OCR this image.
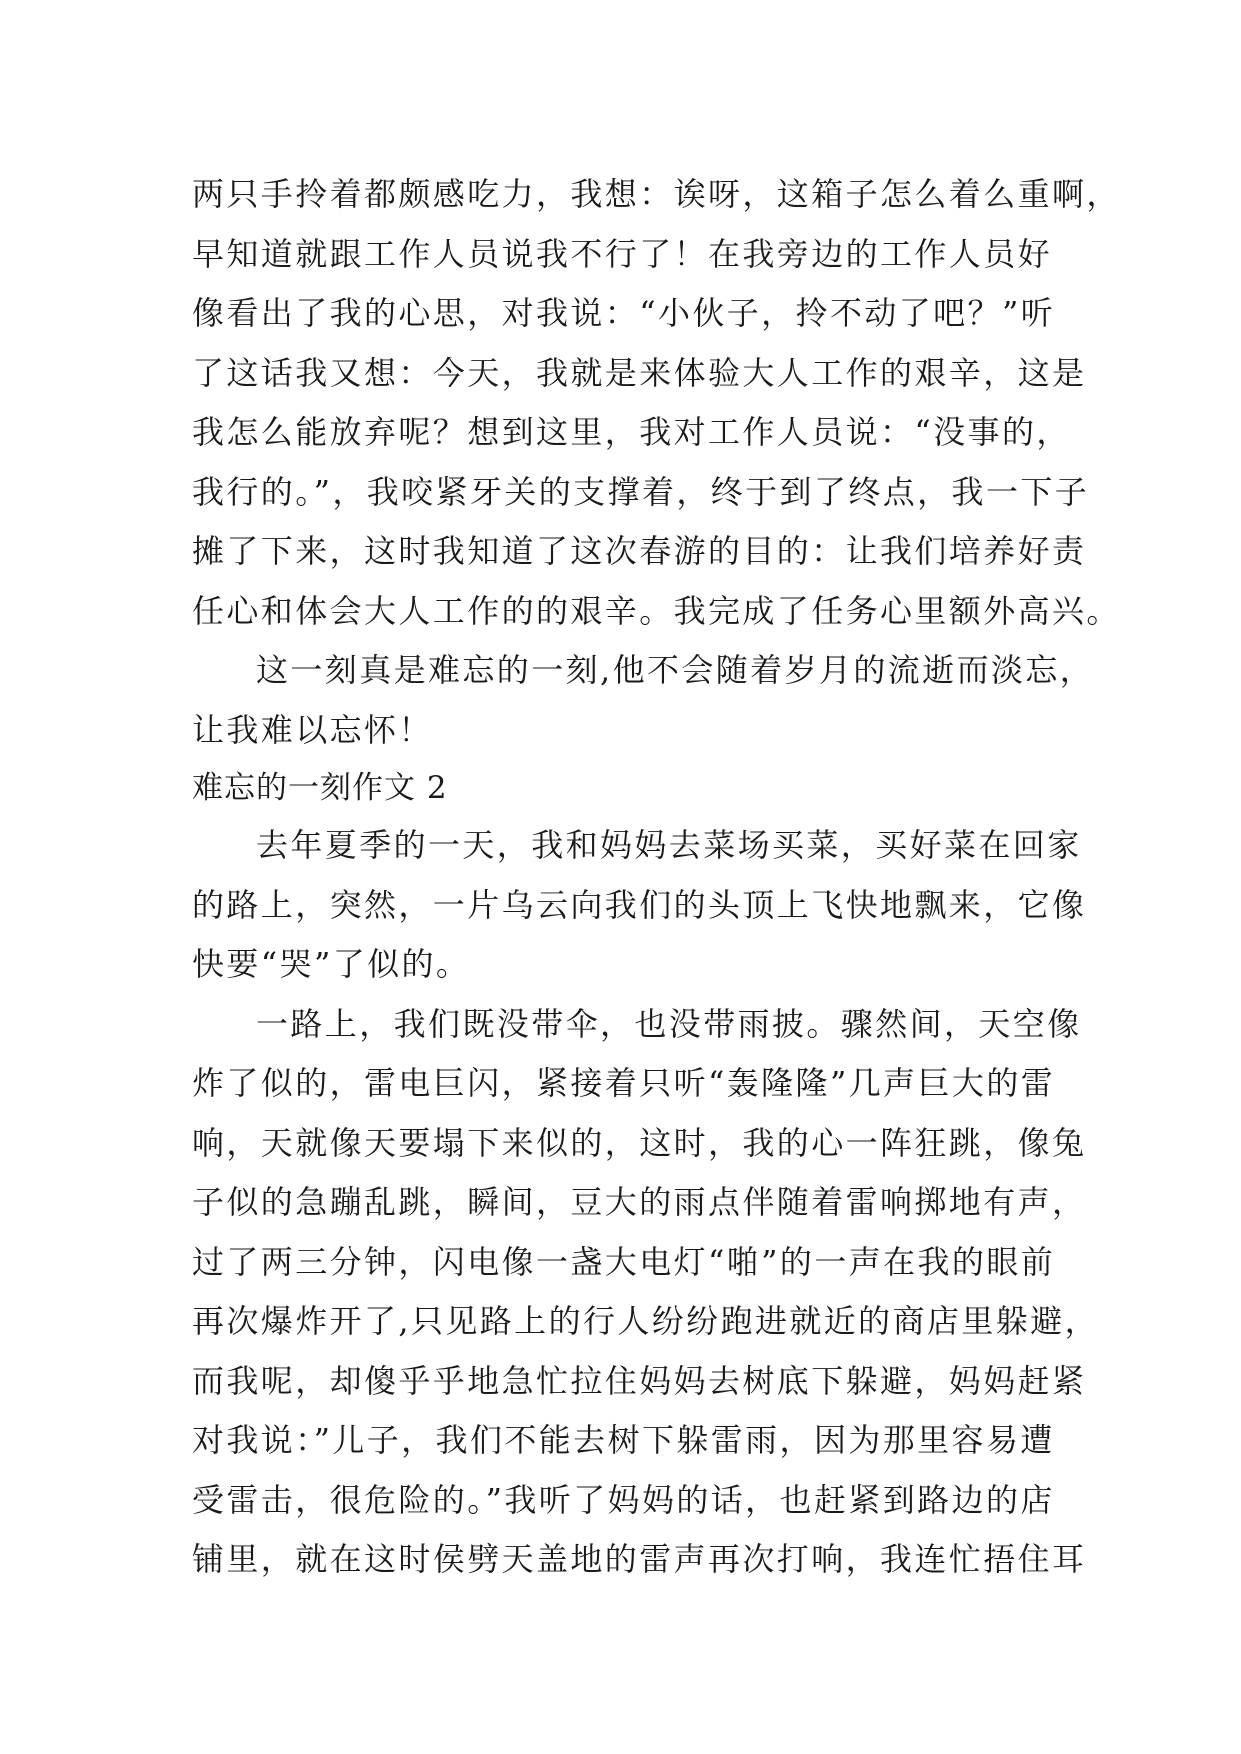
两只手拎着都颇感吃力，我想：诶呀，这箱子怎么着么重啊，
早知道就跟工作人员说我不行了！在我旁边的工作人员好
像看出了我的心思，对我说：“小伙子，拎不动了吧？”听
了这话我又想：今天，我就是来体验大人工作的艰辛，这是
我怎么能放弃呢？想到这里，我对工作人员说：“没事的，
我行的。”，我咬紧牙关的支撑着，终于到了终点，我一下子
摊了下来，这时我知道了这次春游的目的：让我们培养好责
任心和体会大人工作的的艰辛。我完成了任务心里额外高兴。
这一刻真是难忘的一刻,他不会随着岁月的流逝而淡忘，
让我难以忘怀！
难忘的一刻作文 2
去年夏季的一天，我和妈妈去菜场买菜，买好菜在回家
的路上，突然，一片乌云向我们的头顶上飞快地飘来，它像
快要“哭”了似的。
一路上，我们既没带伞，也没带雨披。骤然间，天空像
炸了似的，雷电巨闪，紧接着只听“轰隆隆”几声巨大的雷
响，天就像天要塌下来似的，这时，我的心一阵狂跳，像兔
子似的急蹦乱跳，瞬间，豆大的雨点伴随着雷响掷地有声，
过了两三分钟，闪电像一盏大电灯“啪”的一声在我的眼前
再次爆炸开了,只见路上的行人纷纷跑进就近的商店里躲避，
而我呢，却傻乎乎地急忙拉住妈妈去树底下躲避，妈妈赶紧
对我说：”儿子，我们不能去树下躲雷雨，因为那里容易遭
受雷击，很危险的。”我听了妈妈的话，也赶紧到路边的店
铺里，就在这时侯劈天盖地的雷声再次打响，我连忙捂住耳
